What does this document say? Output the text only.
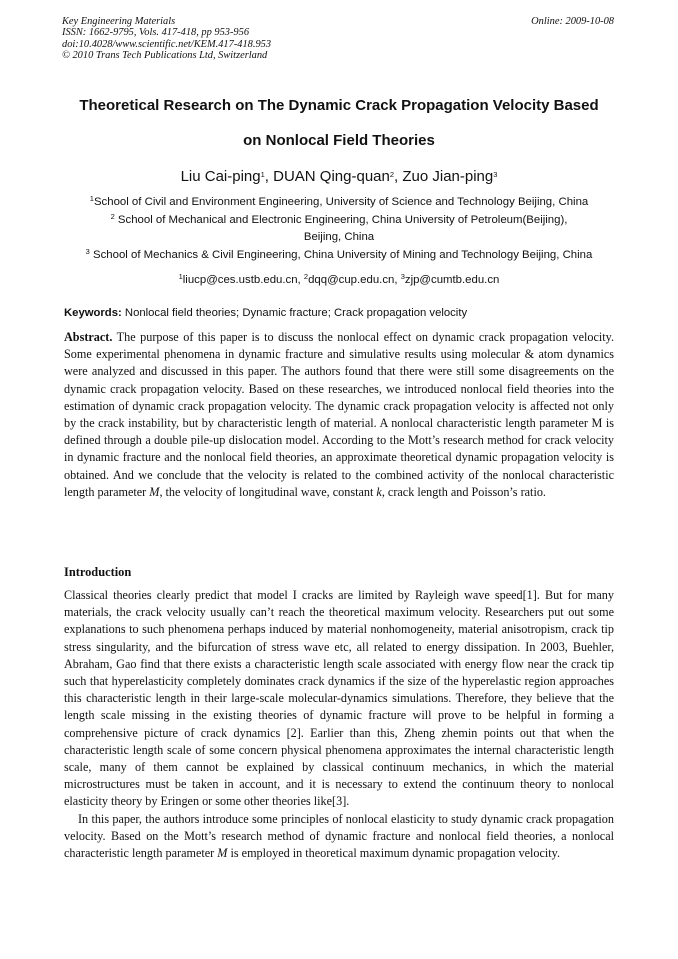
Key Engineering Materials
ISSN: 1662-9795, Vols. 417-418, pp 953-956
doi:10.4028/www.scientific.net/KEM.417-418.953
© 2010 Trans Tech Publications Ltd, Switzerland
Online: 2009-10-08
Theoretical Research on The Dynamic Crack Propagation Velocity Based
on Nonlocal Field Theories
Liu Cai-ping$^1$, DUAN Qing-quan$^2$, Zuo Jian-ping$^3$
$^1$School of Civil and Environment Engineering, University of Science and Technology Beijing, China
$^2$ School of Mechanical and Electronic Engineering, China University of Petroleum(Beijing),
Beijing, China
$^3$ School of Mechanics & Civil Engineering, China University of Mining and Technology Beijing, China
$^1$liucp@ces.ustb.edu.cn, $^2$dqq@cup.edu.cn, $^3$zjp@cumtb.edu.cn
Keywords: Nonlocal field theories; Dynamic fracture; Crack propagation velocity

Abstract. The purpose of this paper is to discuss the nonlocal effect on dynamic crack propagation velocity. Some experimental phenomena in dynamic fracture and simulative results using molecular & atom dynamics were analyzed and discussed in this paper. The authors found that there were still some disagreements on the dynamic crack propagation velocity. Based on these researches, we introduced nonlocal field theories into the estimation of dynamic crack propagation velocity. The dynamic crack propagation velocity is affected not only by the crack instability, but by characteristic length of material. A nonlocal characteristic length parameter M is defined through a double pile-up dislocation model. According to the Mott’s research method for crack velocity in dynamic fracture and the nonlocal field theories, an approximate theoretical dynamic propagation velocity is obtained. And we conclude that the velocity is related to the combined activity of the nonlocal characteristic length parameter M, the velocity of longitudinal wave, constant k, crack length and Poisson’s ratio.

Introduction

Classical theories clearly predict that model I cracks are limited by Rayleigh wave speed[1]. But for many materials, the crack velocity usually can’t reach the theoretical maximum velocity. Researchers put out some explanations to such phenomena perhaps induced by material nonhomogeneity, material anisotropism, crack tip stress singularity, and the bifurcation of stress wave etc, all related to energy dissipation. In 2003, Buehler, Abraham, Gao find that there exists a characteristic length scale associated with energy flow near the crack tip such that hyperelasticity completely dominates crack dynamics if the size of the hyperelastic region approaches this characteristic length in their large-scale molecular-dynamics simulations. Therefore, they believe that the length scale missing in the existing theories of dynamic fracture will prove to be helpful in forming a comprehensive picture of crack dynamics [2]. Earlier than this, Zheng zhemin points out that when the characteristic length scale of some concern physical phenomena approximates the internal characteristic length scale, many of them cannot be explained by classical continuum mechanics, in which the material microstructures must be taken in account, and it is necessary to extend the continuum theory to nonlocal elasticity theory by Eringen or some other theories like[3].

In this paper, the authors introduce some principles of nonlocal elasticity to study dynamic crack propagation velocity. Based on the Mott’s research method of dynamic fracture and nonlocal field theories, a nonlocal characteristic length parameter M is employed in theoretical maximum dynamic propagation velocity.
